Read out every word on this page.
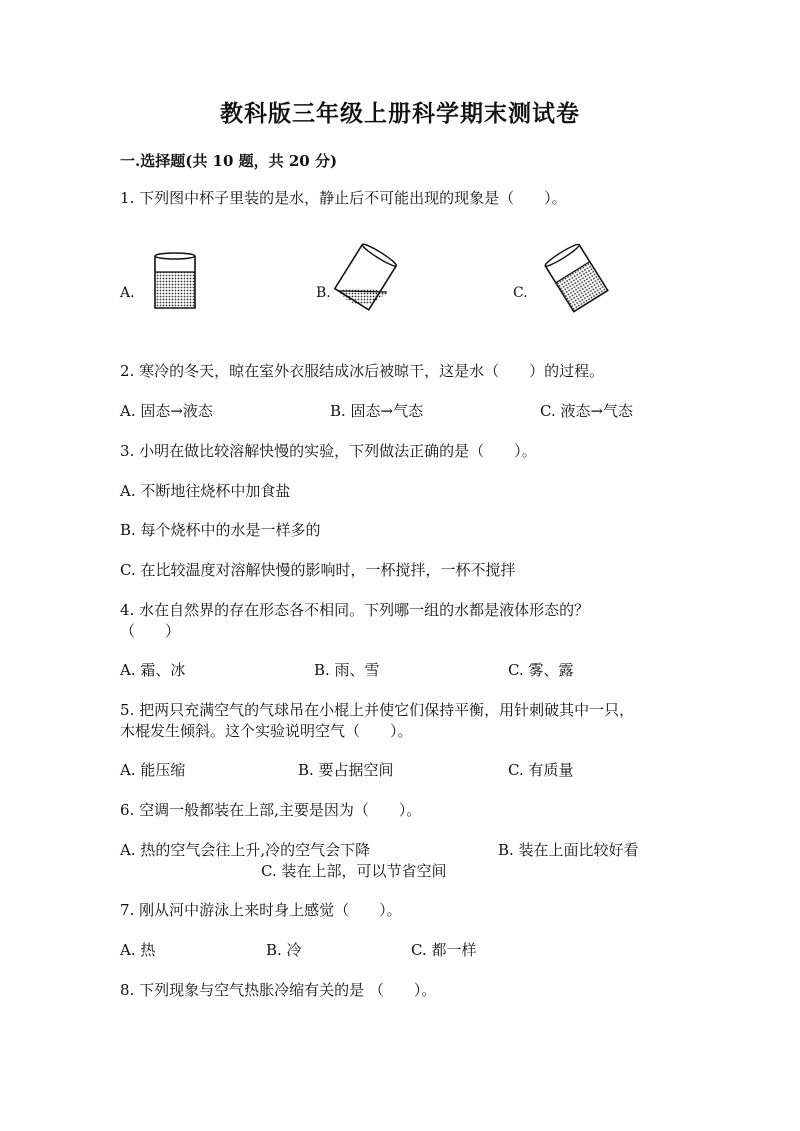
教科版三年级上册科学期末测试卷
一.选择题(共 10 题，共 20 分)
1. 下列图中杯子里装的是水，静止后不可能出现的现象是（　　）。
A.	B.	C.
2. 寒冷的冬天，晾在室外衣服结成冰后被晾干，这是水（　　）的过程。
A. 固态→液态	B. 固态→气态	C. 液态→气态
3. 小明在做比较溶解快慢的实验，下列做法正确的是（　　）。
A. 不断地往烧杯中加食盐
B. 每个烧杯中的水是一样多的
C. 在比较温度对溶解快慢的影响时，一杯搅拌，一杯不搅拌
4. 水在自然界的存在形态各不相同。下列哪一组的水都是液体形态的？
（　　）
A. 霜、冰	B. 雨、雪	C. 雾、露
5. 把两只充满空气的气球吊在小棍上并使它们保持平衡，用针刺破其中一只，
木棍发生倾斜。这个实验说明空气（　　）。
A. 能压缩	B. 要占据空间	C. 有质量
6. 空调一般都装在上部,主要是因为（　　）。
A. 热的空气会往上升,冷的空气会下降	B. 装在上面比较好看
C. 装在上部，可以节省空间
7. 刚从河中游泳上来时身上感觉（　　）。
A. 热	B. 冷	C. 都一样
8. 下列现象与空气热胀冷缩有关的是 （　　）。
